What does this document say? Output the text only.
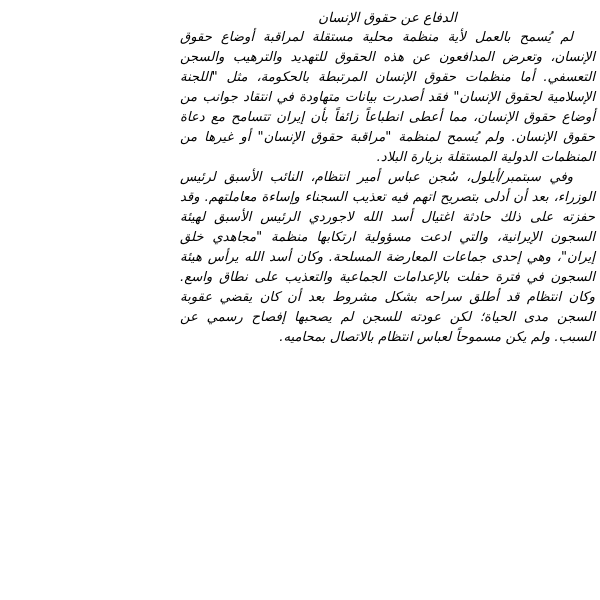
الدفاع عن حقوق الإنسان

لم يُسمح بالعمل لأية منظمة محلية مستقلة لمراقبة أوضاع حقوق الإنسان، وتعرض المدافعون عن هذه الحقوق للتهديد والترهيب والسجن التعسفي. أما منظمات حقوق الإنسان المرتبطة بالحكومة، مثل "اللجنة الإسلامية لحقوق الإنسان" فقد أصدرت بيانات متهاودة في انتقاد جوانب من أوضاع حقوق الإنسان، مما أعطى انطباعاً زائفاً بأن إيران تتسامح مع دعاة حقوق الإنسان. ولم يُسمح لمنظمة "مراقبة حقوق الإنسان" أو غيرها من المنظمات الدولية المستقلة بزيارة البلاد.

وفي سبتمبر/أيلول، سُجن عباس أمير انتظام، النائب الأسبق لرئيس الوزراء، بعد أن أدلى بتصريح اتهم فيه تعذيب السجناء وإساءة معاملتهم. وقد حفزته على ذلك حادثة اغتيال أسد الله لاجوردي الرئيس الأسبق لهيئة السجون الإيرانية، والتي ادعت مسؤولية ارتكابها منظمة "مجاهدي خلق إيران"، وهي إحدى جماعات المعارضة المسلحة. وكان أسد الله يرأس هيئة السجون في فترة حفلت بالإعدامات الجماعية والتعذيب على نطاق واسع. وكان انتظام قد أطلق سراحه بشكل مشروط بعد أن كان يقضي عقوبة السجن مدى الحياة؛ لكن عودته للسجن لم يصحبها إفصاح رسمي عن السبب. ولم يكن مسموحاً لعباس انتظام بالاتصال بمحاميه.
